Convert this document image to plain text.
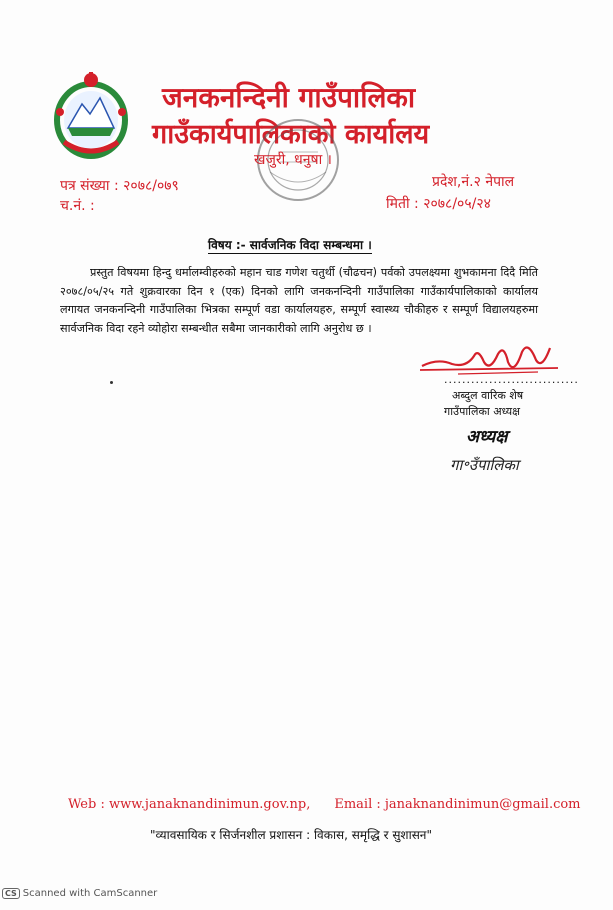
जनकनन्दिनी गाउँपालिका
गाउँकार्यपालिकाको कार्यालय
खजुरी, धनुषा ।
पत्र संख्या : २०७८/०७९
च.नं. :
प्रदेश,नं.२ नेपाल
मिती : २०७८/०५/२४
विषय :- सार्वजनिक विदा सम्बन्धमा ।

प्रस्तुत विषयमा हिन्दु धर्मालम्वीहरुको महान चाड गणेश चतुर्थी (चौढचन) पर्वको उपलक्ष्यमा शुभकामना दिदै मिति २०७८/०५/२५ गते शुक्रवारका दिन १ (एक) दिनको लागि जनकनन्दिनी गाउँपालिका गाउँकार्यपालिकाको कार्यालय लगायत जनकनन्दिनी गाउँपालिका भित्रका सम्पूर्ण वडा कार्यालयहरु, सम्पूर्ण स्वास्थ्य चौकीहरु र सम्पूर्ण विद्यालयहरुमा सार्वजनिक विदा रहने व्योहोरा सम्बन्धीत सबैमा जानकारीको लागि अनुरोध छ ।

..............................
अब्दुल वारिक शेष
गाउँपालिका अध्यक्ष
अध्यक्ष
गा॰उँपालिका
Web : www.janaknandinimun.gov.np, Email : janaknandinimun@gmail.com
"व्यावसायिक र सिर्जनशील प्रशासन : विकास, समृद्धि र सुशासन"
CS Scanned with CamScanner
